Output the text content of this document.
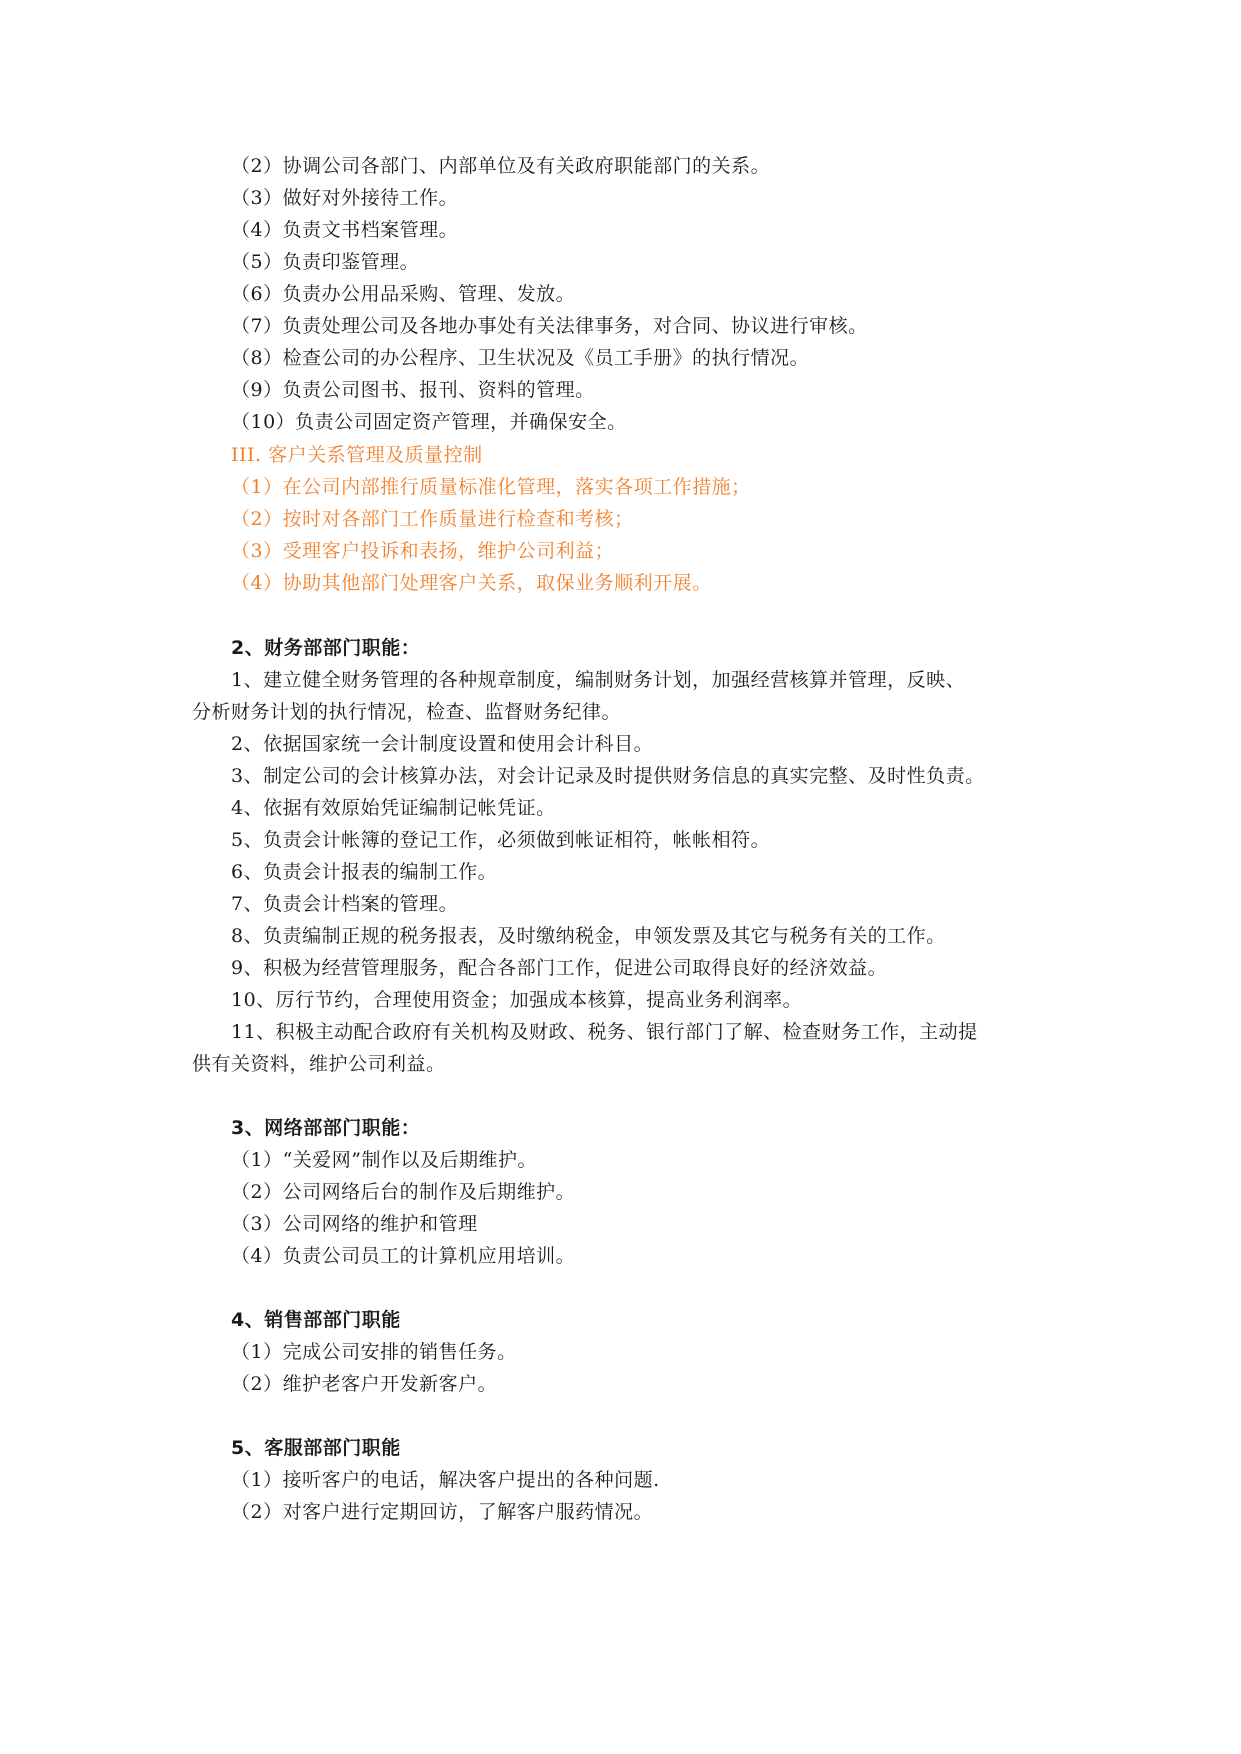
（2）协调公司各部门、内部单位及有关政府职能部门的关系。
（3）做好对外接待工作。
（4）负责文书档案管理。
（5）负责印鉴管理。
（6）负责办公用品采购、管理、发放。
（7）负责处理公司及各地办事处有关法律事务，对合同、协议进行审核。
（8）检查公司的办公程序、卫生状况及《员工手册》的执行情况。
（9）负责公司图书、报刊、资料的管理。
（10）负责公司固定资产管理，并确保安全。
III. 客户关系管理及质量控制
（1）在公司内部推行质量标准化管理，落实各项工作措施；
（2）按时对各部门工作质量进行检查和考核；
（3）受理客户投诉和表扬，维护公司利益；
（4）协助其他部门处理客户关系，取保业务顺利开展。
2、财务部部门职能：
1、建立健全财务管理的各种规章制度，编制财务计划，加强经营核算并管理，反映、
分析财务计划的执行情况，检查、监督财务纪律。
2、依据国家统一会计制度设置和使用会计科目。
3、制定公司的会计核算办法，对会计记录及时提供财务信息的真实完整、及时性负责。
4、依据有效原始凭证编制记帐凭证。
5、负责会计帐簿的登记工作，必须做到帐证相符，帐帐相符。
6、负责会计报表的编制工作。
7、负责会计档案的管理。
8、负责编制正规的税务报表，及时缴纳税金，申领发票及其它与税务有关的工作。
9、积极为经营管理服务，配合各部门工作，促进公司取得良好的经济效益。
10、厉行节约，合理使用资金；加强成本核算，提高业务利润率。
11、积极主动配合政府有关机构及财政、税务、银行部门了解、检查财务工作，主动提
供有关资料，维护公司利益。
3、网络部部门职能：
（1）“关爱网”制作以及后期维护。
（2）公司网络后台的制作及后期维护。
（3）公司网络的维护和管理
（4）负责公司员工的计算机应用培训。
4、销售部部门职能
（1）完成公司安排的销售任务。
（2）维护老客户开发新客户。
5、客服部部门职能
（1）接听客户的电话，解决客户提出的各种问题.
（2）对客户进行定期回访，了解客户服药情况。
